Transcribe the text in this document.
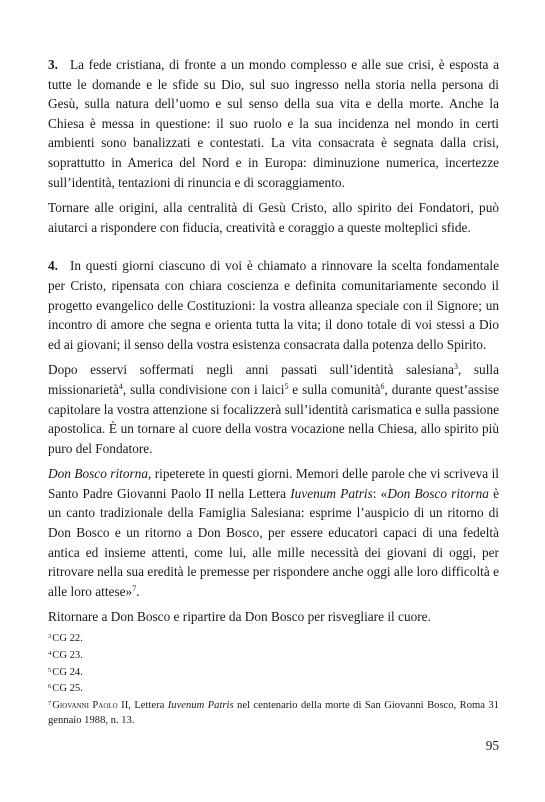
3. La fede cristiana, di fronte a un mondo complesso e alle sue crisi, è esposta a tutte le domande e le sfide su Dio, sul suo ingresso nella storia nella persona di Gesù, sulla natura dell’uomo e sul senso della sua vita e della morte. Anche la Chiesa è messa in questione: il suo ruolo e la sua incidenza nel mondo in certi ambienti sono banalizzati e contestati. La vita consacrata è segnata dalla crisi, soprattutto in America del Nord e in Europa: diminuzione numerica, incertezze sull’identità, tentazioni di rinuncia e di scoraggiamento.

Tornare alle origini, alla centralità di Gesù Cristo, allo spirito dei Fondatori, può aiutarci a rispondere con fiducia, creatività e coraggio a queste molteplici sfide.

4. In questi giorni ciascuno di voi è chiamato a rinnovare la scelta fondamentale per Cristo, ripensata con chiara coscienza e definita comunitariamente secondo il progetto evangelico delle Costituzioni: la vostra alleanza speciale con il Signore; un incontro di amore che segna e orienta tutta la vita; il dono totale di voi stessi a Dio ed ai giovani; il senso della vostra esistenza consacrata dalla potenza dello Spirito.

Dopo esservi soffermati negli anni passati sull’identità salesiana$^3$, sulla missionarietà$^4$, sulla condivisione con i laici$^5$ e sulla comunità$^6$, durante quest’assise capitolare la vostra attenzione si focalizzerà sull’identità carismatica e sulla passione apostolica. È un tornare al cuore della vostra vocazione nella Chiesa, allo spirito più puro del Fondatore.

Don Bosco ritorna, ripeterete in questi giorni. Memori delle parole che vi scriveva il Santo Padre Giovanni Paolo II nella Lettera Iuvenum Patris: «Don Bosco ritorna è un canto tradizionale della Famiglia Salesiana: esprime l’auspicio di un ritorno di Don Bosco e un ritorno a Don Bosco, per essere educatori capaci di una fedeltà antica ed insieme attenti, come lui, alle mille necessità dei giovani di oggi, per ritrovare nella sua eredità le premesse per rispondere anche oggi alle loro difficoltà e alle loro attese»$^7$.

Ritornare a Don Bosco e ripartire da Don Bosco per risvegliare il cuore.

$^3$CG 22.
$^4$CG 23.
$^5$CG 24.
$^6$CG 25.
$^7$Giovanni Paolo II, Lettera Iuvenum Patris nel centenario della morte di San Giovanni Bosco, Roma 31 gennaio 1988, n. 13.
95
